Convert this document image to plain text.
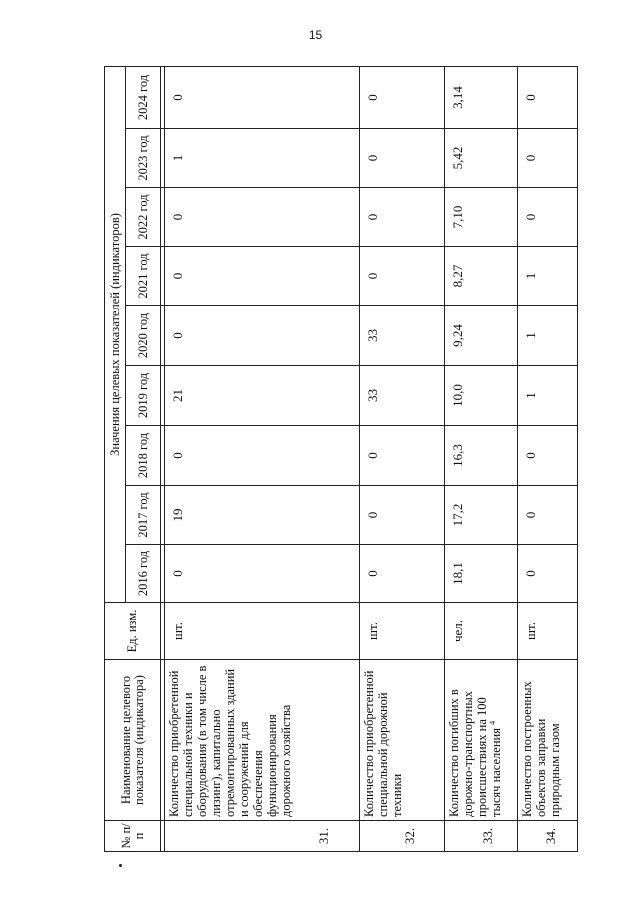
15
№ п/п	Наименование целевого показателя (индикатора)	Ед. изм.	Значения целевых показателей (индикаторов)								
			2016 год	2017 год	2018 год	2019 год	2020 год	2021 год	2022 год	2023 год	2024 год

31.	Количество приобретенной специальной техники и оборудования (в том числе в лизинг), капитально отремонтированных зданий и сооружений для обеспечения функционирования дорожного хозяйства	шт.	0	19	0	21	0	0	0	1	0
32.	Количество приобретенной специальной дорожной техники	шт.	0	0	0	33	33	0	0	0	0
33.	Количество погибших в дорожно-транспортных происшествиях на 100 тысяч населения $^4$	чел.	18,1	17,2	16,3	10,0	9,24	8,27	7,10	5,42	3,14
34.	Количество построенных объектов заправки природным газом	шт.	0	0	0	1	1	1	0	0	0
